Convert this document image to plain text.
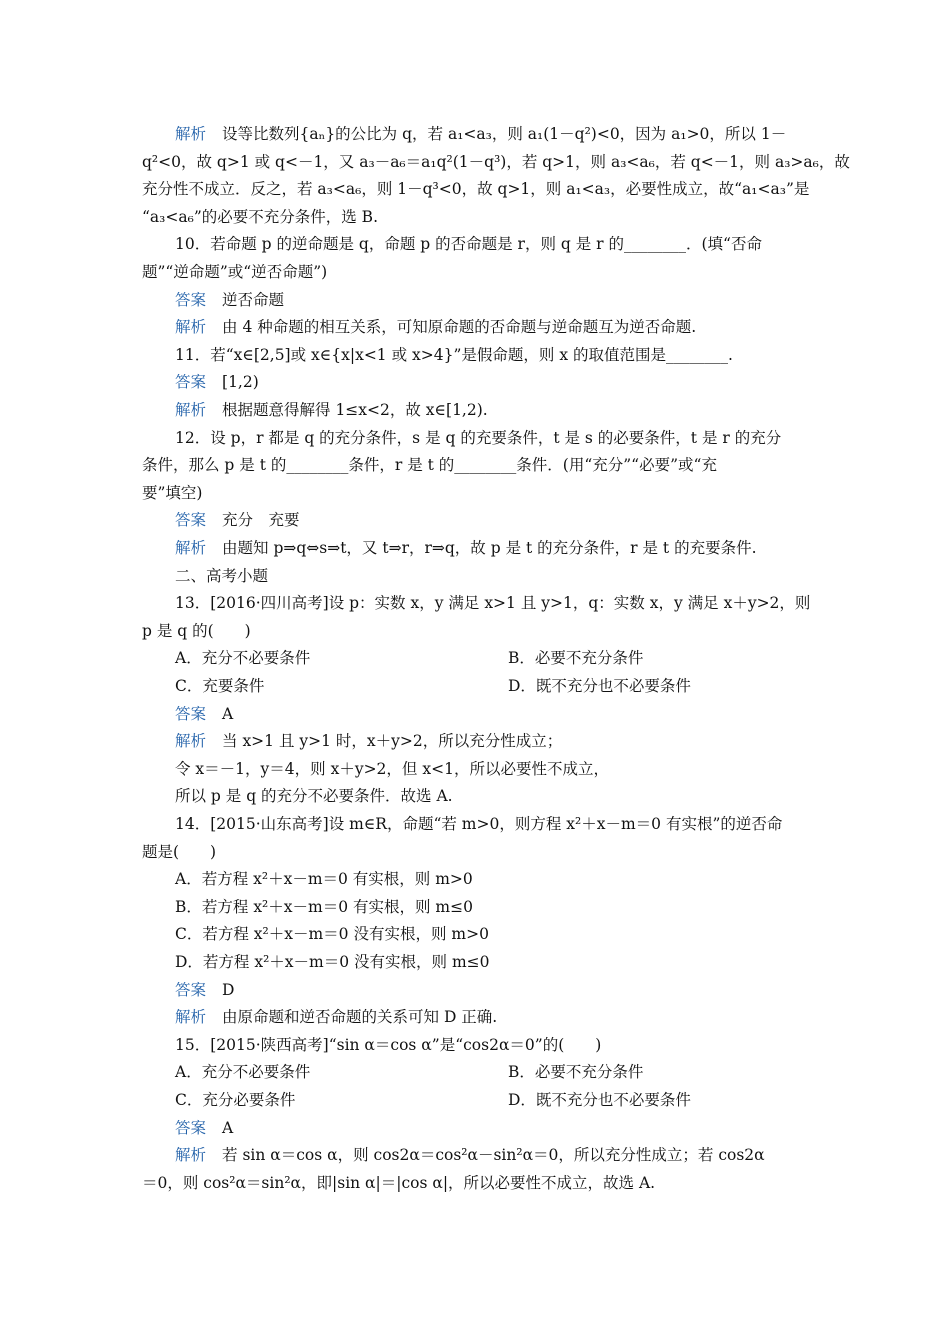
解析 设等比数列{aₙ}的公比为 q，若 a₁<a₃，则 a₁(1－q²)<0，因为 a₁>0，所以 1－
q²<0，故 q>1 或 q<－1，又 a₃－a₆＝a₁q²(1－q³)，若 q>1，则 a₃<a₆，若 q<－1，则 a₃>a₆，故
充分性不成立．反之，若 a₃<a₆，则 1－q³<0，故 q>1，则 a₁<a₃，必要性成立，故“a₁<a₃”是
“a₃<a₆”的必要不充分条件，选 B.
10．若命题 p 的逆命题是 q，命题 p 的否命题是 r，则 q 是 r 的________．(填“否命
题”“逆命题”或“逆否命题”)
答案 逆否命题
解析 由 4 种命题的相互关系，可知原命题的否命题与逆命题互为逆否命题.
11．若“x∈[2,5]或 x∈{x|x<1 或 x>4}”是假命题，则 x 的取值范围是________.
答案 [1,2)
解析 根据题意得解得 1≤x<2，故 x∈[1,2).
12．设 p，r 都是 q 的充分条件，s 是 q 的充要条件，t 是 s 的必要条件，t 是 r 的充分
条件，那么 p 是 t 的________条件，r 是 t 的________条件．(用“充分”“必要”或“充
要”填空)
答案 充分　充要
解析 由题知 p⇒q⇔s⇒t，又 t⇒r，r⇒q，故 p 是 t 的充分条件，r 是 t 的充要条件.
二、高考小题
13．[2016·四川高考]设 p：实数 x，y 满足 x>1 且 y>1，q：实数 x，y 满足 x＋y>2，则
p 是 q 的(　　)
A．充分不必要条件	B．必要不充分条件
C．充要条件	D．既不充分也不必要条件
答案 A
解析 当 x>1 且 y>1 时，x＋y>2，所以充分性成立；
令 x＝－1，y＝4，则 x＋y>2，但 x<1，所以必要性不成立，
所以 p 是 q 的充分不必要条件．故选 A.
14．[2015·山东高考]设 m∈R，命题“若 m>0，则方程 x²＋x－m＝0 有实根”的逆否命
题是(　　)
A．若方程 x²＋x－m＝0 有实根，则 m>0
B．若方程 x²＋x－m＝0 有实根，则 m≤0
C．若方程 x²＋x－m＝0 没有实根，则 m>0
D．若方程 x²＋x－m＝0 没有实根，则 m≤0
答案 D
解析 由原命题和逆否命题的关系可知 D 正确.
15．[2015·陕西高考]“sin α＝cos α”是“cos2α＝0”的(　　)
A．充分不必要条件	B．必要不充分条件
C．充分必要条件	D．既不充分也不必要条件
答案 A
解析 若 sin α＝cos α，则 cos2α＝cos²α－sin²α＝0，所以充分性成立；若 cos2α
＝0，则 cos²α＝sin²α，即|sin α|＝|cos α|，所以必要性不成立，故选 A.
